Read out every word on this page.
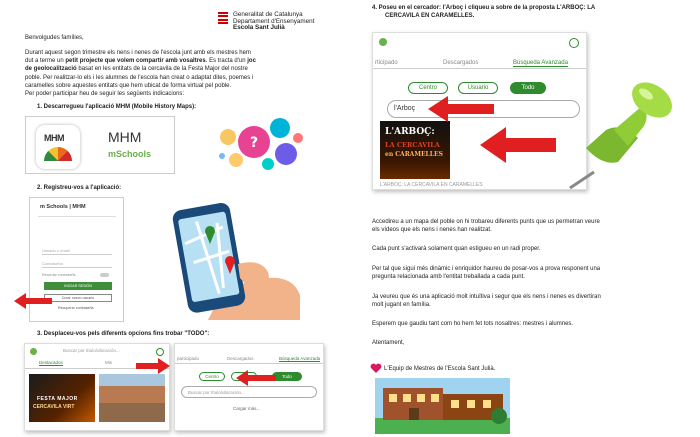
Generalitat de Catalunya
Departament d'Ensenyament
Escola Sant Julià
Benvolgudes famílies,
Durant aquest segon trimestre els nens i nenes de l'escola junt amb els mestres hem
dut a terme un petit projecte que volem compartir amb vosaltres. Es tracta d'un joc
de geolocalització basat en les entitats de la cercavila de la Festa Major del nostre
poble. Per realitzar-lo els i les alumnes de l'escola han creat o adaptat dites, poemes i
caramelles sobre aquestes entitats que hem ubicat de forma virtual pel poble.
Per poder participar heu de seguir les següents indicacions:
1. Descarregueu l'aplicació MHM (Mobile History Maps):
MHM	MHM
mSchools
?
2. Registreu-vos a l'aplicació:
m Schools | MHM
Usuario o email
Contraseña
Recordar contraseña
INICIAR SESIÓN
Crear nuevo usuario
Recuperar contraseña
3. Desplaceu-vos pels diferents opcions fins trobar "TODO":
Buscar por título/ubicación...
Destacados	Mis
FESTA MAJOR
CERCAVILA VIRT
participado	Descargados	Búsqueda Avanzada
Centro	Todo
Buscar por título/ubicación...
Cargar más...
4. Poseu en el cercador: l'Arboç i cliqueu a sobre de la proposta L'ARBOÇ: LA
CERCAVILA EN CARAMELLES.
rticipado	Descargados	Búsqueda Avanzada
Centro	Usuario	Todo
l'Arboç
L'ARBOÇ:
LA CERCAVILA
en CARAMELLES
L'ARBOÇ: LA CERCAVILA EN CARAMELLES
Accedireu a un mapa del poble on hi trobareu diferents punts que us permetran veure
els vídeos que els nens i nenes han realitzat.
Cada punt s'activarà solament quan estigueu en un radi proper.
Per tal que sigui més dinàmic i enriquidor haureu de posar-vos a prova responent una
pregunta relacionada amb l'entitat treballada a cada punt.
Ja veureu que és una aplicació molt intuïtiva i segur que els nens i nenes es divertiran
molt jugant en família.
Esperem que gaudiu tant com ho hem fet tots nosaltres: mestres i alumnes.
Atentament,
L'Equip de Mestres de l'Escola Sant Julià.
